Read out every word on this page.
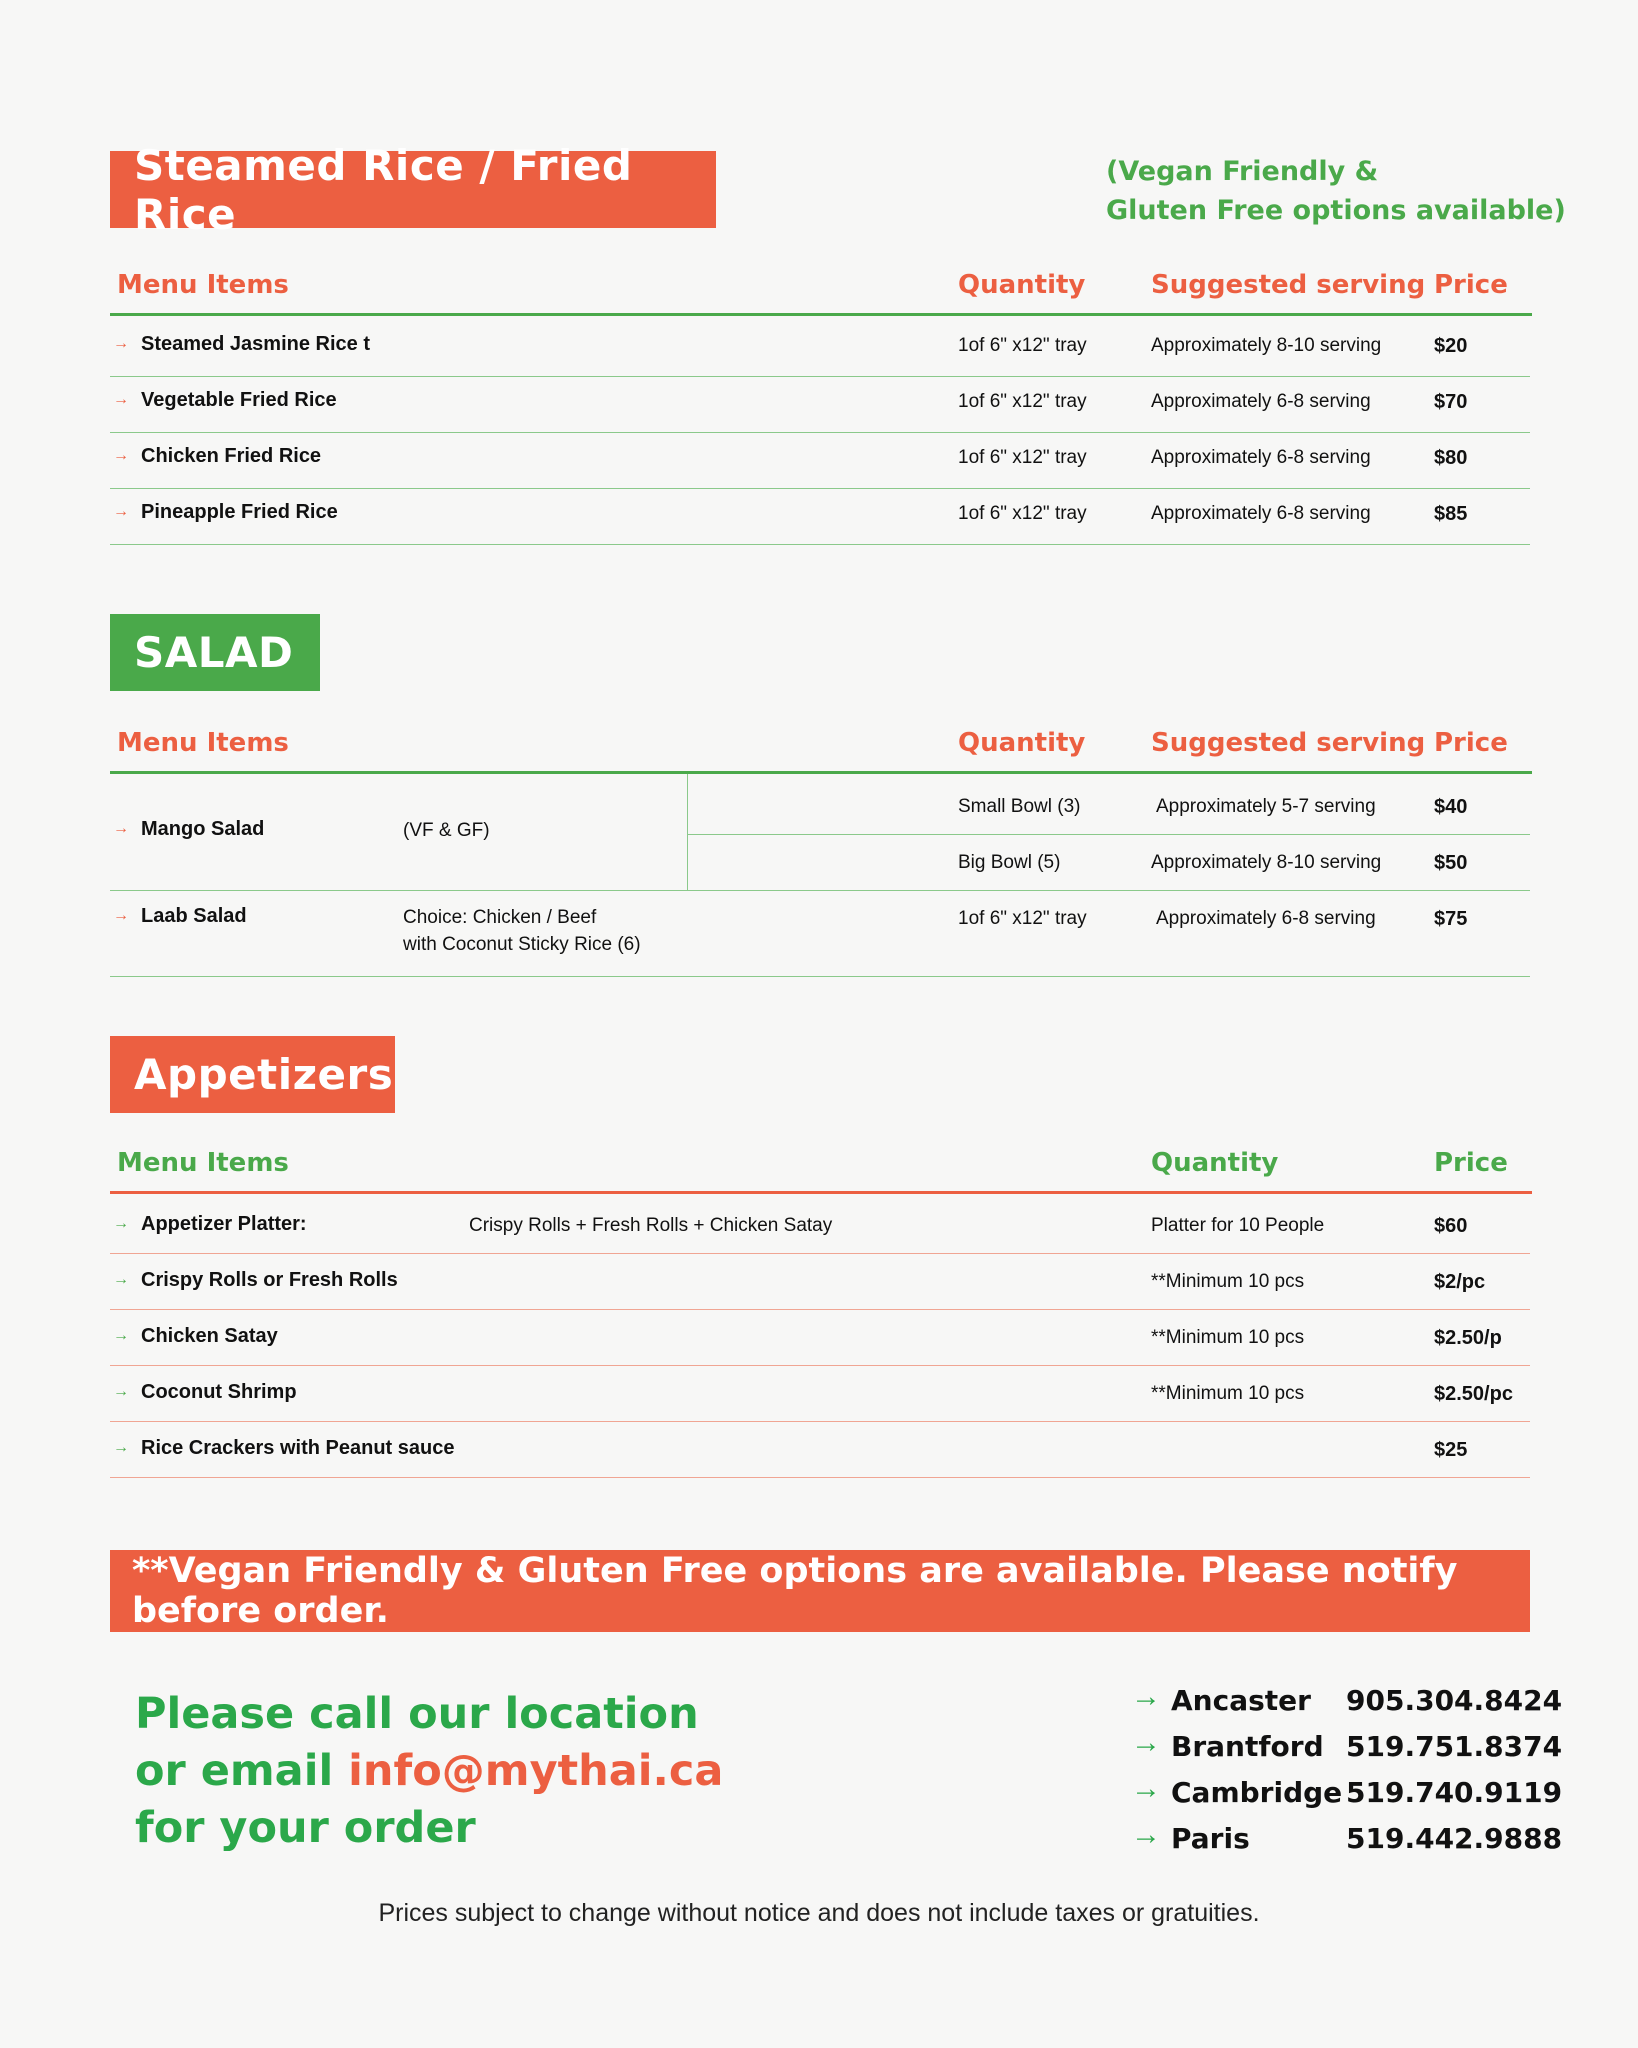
Steamed Rice / Fried Rice
(Vegan Friendly &
Gluten Free options available)
Menu Items	Quantity	Suggested serving Price
→ Steamed Jasmine Rice t	1of 6" x12" tray	Approximately 8-10 serving	$20
→ Vegetable Fried Rice	1of 6" x12" tray	Approximately 6-8 serving	$70
→ Chicken Fried Rice	1of 6" x12" tray	Approximately 6-8 serving	$80
→ Pineapple Fried Rice	1of 6" x12" tray	Approximately 6-8 serving	$85
SALAD
Menu Items	Quantity	Suggested serving Price
→ Mango Salad	(VF & GF)
Small Bowl (3)	Approximately 5-7 serving	$40
Big Bowl (5)	Approximately 8-10 serving	$50
→ Laab Salad	Choice: Chicken / Beef
with Coconut Sticky Rice (6)
1of 6" x12" tray	Approximately 6-8 serving	$75
Appetizers
Menu Items	Quantity	Price
→ Appetizer Platter:	Crispy Rolls + Fresh Rolls + Chicken Satay	Platter for 10 People	$60
→ Crispy Rolls or Fresh Rolls	**Minimum 10 pcs	$2/pc
→ Chicken Satay	**Minimum 10 pcs	$2.50/p
→ Coconut Shrimp	**Minimum 10 pcs	$2.50/pc
→ Rice Crackers with Peanut sauce	$25
**Vegan Friendly & Gluten Free options are available. Please notify before order.
Please call our location
or email info@mythai.ca
for your order
→ Ancaster 905.304.8424
→ Brantford 519.751.8374
→ Cambridge 519.740.9119
→ Paris	519.442.9888
Prices subject to change without notice and does not include taxes or gratuities.
